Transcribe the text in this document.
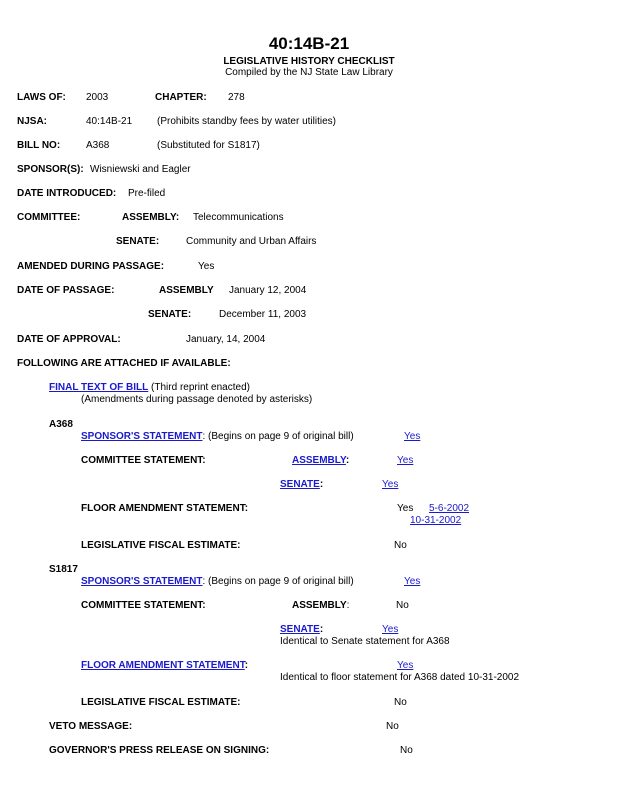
40:14B-21
LEGISLATIVE HISTORY CHECKLIST
Compiled by the NJ State Law Library
LAWS OF: 2003	CHAPTER: 278
NJSA:	40:14B-21 (Prohibits standby fees by water utilities)
BILL NO:	A368	(Substituted for S1817)
SPONSOR(S): Wisniewski and Eagler
DATE INTRODUCED: Pre-filed
COMMITTEE:	ASSEMBLY: Telecommunications
SENATE:	Community and Urban Affairs
AMENDED DURING PASSAGE:	Yes
DATE OF PASSAGE:	ASSEMBLY January 12, 2004
SENATE:	December 11, 2003
DATE OF APPROVAL:	January, 14, 2004
FOLLOWING ARE ATTACHED IF AVAILABLE:
FINAL TEXT OF BILL (Third reprint enacted)
(Amendments during passage denoted by asterisks)
A368
SPONSOR'S STATEMENT: (Begins on page 9 of original bill)	Yes
COMMITTEE STATEMENT:	ASSEMBLY:	Yes
SENATE:	Yes
FLOOR AMENDMENT STATEMENT:	Yes 5-6-2002
10-31-2002
LEGISLATIVE FISCAL ESTIMATE:	No
S1817
SPONSOR'S STATEMENT: (Begins on page 9 of original bill)	Yes
COMMITTEE STATEMENT:	ASSEMBLY:	No
SENATE:	Yes
Identical to Senate statement for A368
FLOOR AMENDMENT STATEMENT:	Yes
Identical to floor statement for A368 dated 10-31-2002
LEGISLATIVE FISCAL ESTIMATE:	No
VETO MESSAGE:	No
GOVERNOR'S PRESS RELEASE ON SIGNING:	No
